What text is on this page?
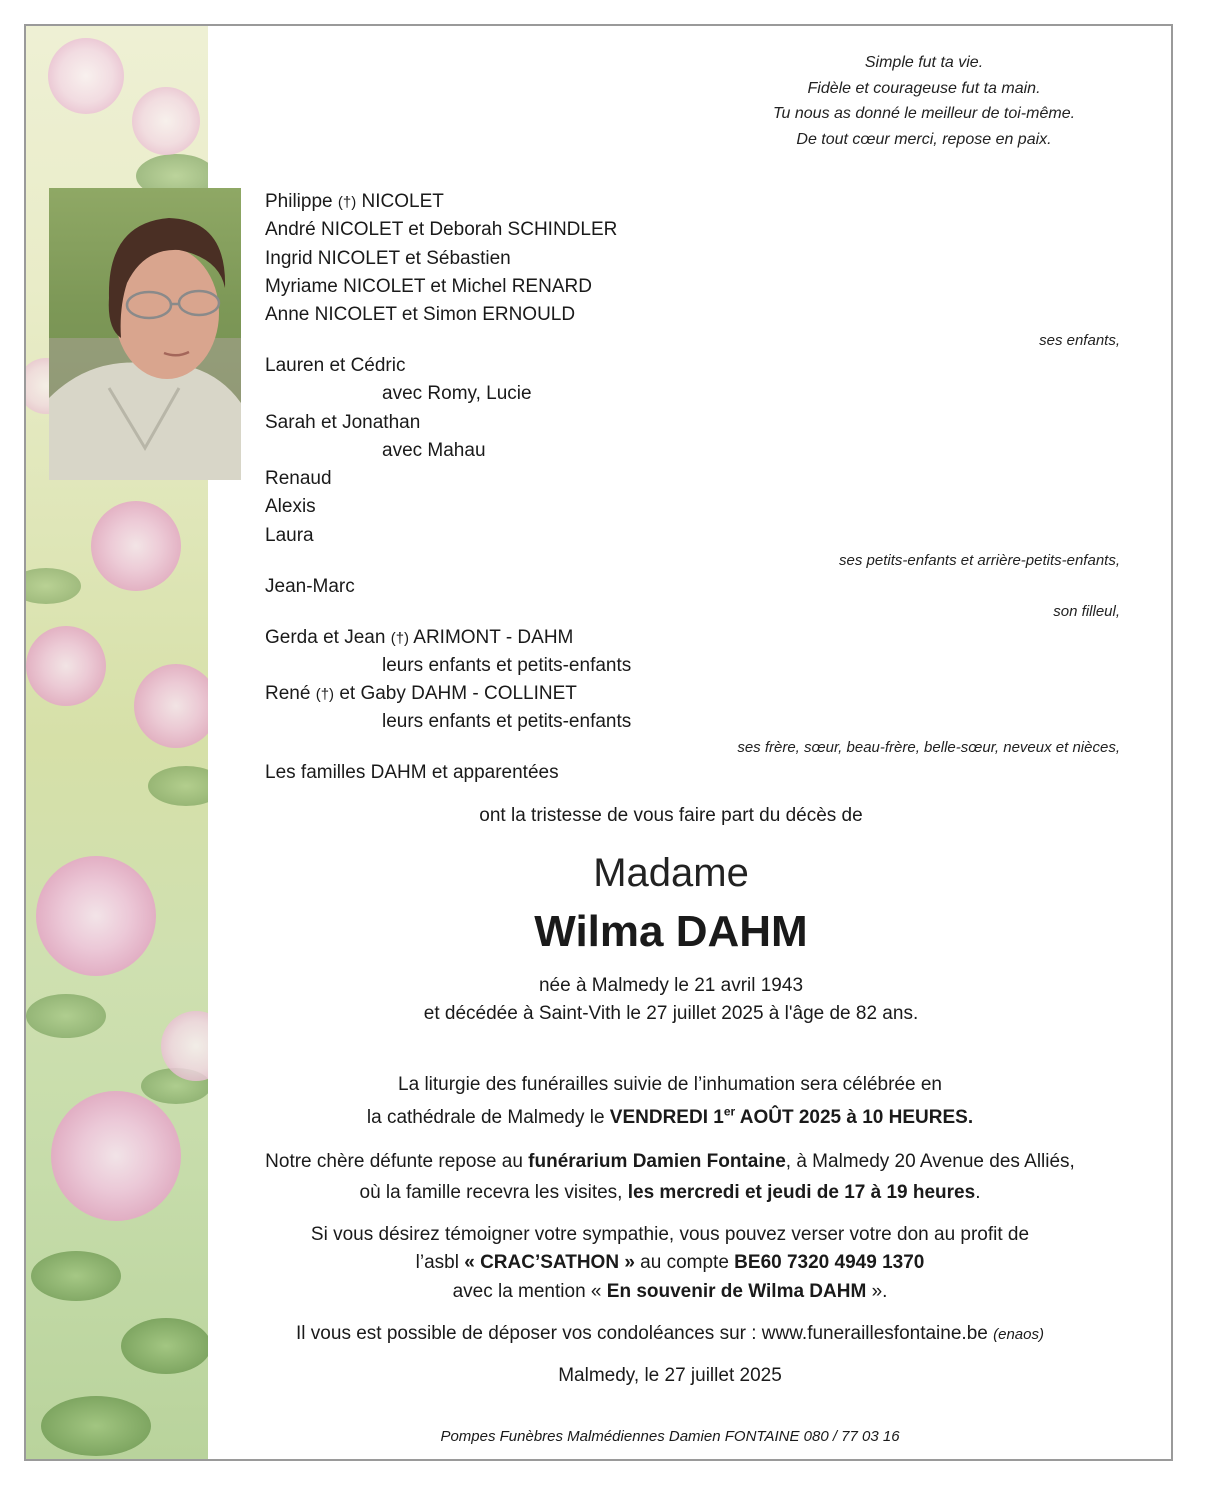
Simple fut ta vie.
Fidèle et courageuse fut ta main.
Tu nous as donné le meilleur de toi-même.
De tout cœur merci, repose en paix.
Philippe (†) NICOLET
André NICOLET et Deborah SCHINDLER
Ingrid NICOLET et Sébastien
Myriame NICOLET et Michel RENARD
Anne NICOLET et Simon ERNOULD
ses enfants,
Lauren et Cédric
avec Romy, Lucie
Sarah et Jonathan
avec Mahau
Renaud
Alexis
Laura
ses petits-enfants et arrière-petits-enfants,
Jean-Marc
son filleul,
Gerda et Jean (†) ARIMONT - DAHM
leurs enfants et petits-enfants
René (†) et Gaby DAHM - COLLINET
leurs enfants et petits-enfants
ses frère, sœur, beau-frère, belle-sœur, neveux et nièces,
Les familles DAHM et apparentées
ont la tristesse de vous faire part du décès de
Madame
Wilma DAHM
née à Malmedy le 21 avril 1943
et décédée à Saint-Vith le 27 juillet 2025 à l'âge de 82 ans.
La liturgie des funérailles suivie de l’inhumation sera célébrée en
la cathédrale de Malmedy le VENDREDI 1er AOÛT 2025 à 10 HEURES.
Notre chère défunte repose au funérarium Damien Fontaine, à Malmedy 20 Avenue des Alliés,
où la famille recevra les visites, les mercredi et jeudi de 17 à 19 heures.
Si vous désirez témoigner votre sympathie, vous pouvez verser votre don au profit de
l’asbl « CRAC’SATHON » au compte BE60 7320 4949 1370
avec la mention « En souvenir de Wilma DAHM ».
Il vous est possible de déposer vos condoléances sur : www.funeraillesfontaine.be (enaos)
Malmedy, le 27 juillet 2025
Pompes Funèbres Malmédiennes Damien FONTAINE 080 / 77 03 16
